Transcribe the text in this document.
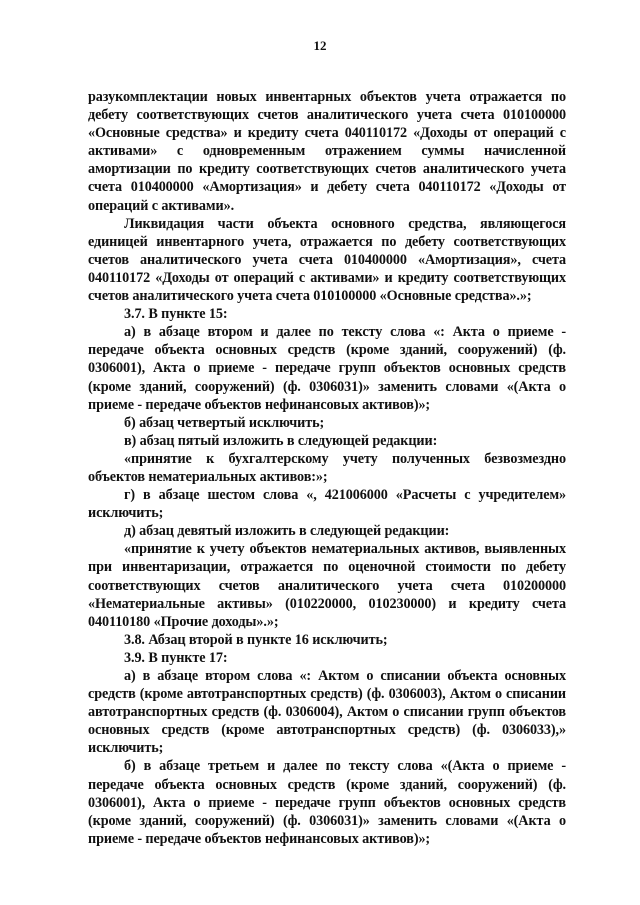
12

разукомплектации новых инвентарных объектов учета отражается по дебету соответствующих счетов аналитического учета счета 010100000 «Основные средства» и кредиту счета 040110172 «Доходы от операций с активами» с одновременным отражением суммы начисленной амортизации по кредиту соответствующих счетов аналитического учета счета 010400000 «Амортизация» и дебету счета 040110172 «Доходы от операций с активами».

Ликвидация части объекта основного средства, являющегося единицей инвентарного учета, отражается по дебету соответствующих счетов аналитического учета счета 010400000 «Амортизация», счета 040110172 «Доходы от операций с активами» и кредиту соответствующих счетов аналитического учета счета 010100000 «Основные средства».»;

3.7. В пункте 15:

а) в абзаце втором и далее по тексту слова «: Акта о приеме - передаче объекта основных средств (кроме зданий, сооружений) (ф. 0306001), Акта о приеме - передаче групп объектов основных средств (кроме зданий, сооружений) (ф. 0306031)» заменить словами «(Акта о приеме - передаче объектов нефинансовых активов)»;

б) абзац четвертый исключить;

в) абзац пятый изложить в следующей редакции:

«принятие к бухгалтерскому учету полученных безвозмездно объектов нематериальных активов:»;

г) в абзаце шестом слова «, 421006000 «Расчеты с учредителем» исключить;

д) абзац девятый изложить в следующей редакции:

«принятие к учету объектов нематериальных активов, выявленных при инвентаризации, отражается по оценочной стоимости по дебету соответствующих счетов аналитического учета счета 010200000 «Нематериальные активы» (010220000, 010230000) и кредиту счета 040110180 «Прочие доходы».»;

3.8. Абзац второй в пункте 16 исключить;

3.9. В пункте 17:

а) в абзаце втором слова «: Актом о списании объекта основных средств (кроме автотранспортных средств) (ф. 0306003), Актом о списании автотранспортных средств (ф. 0306004), Актом о списании групп объектов основных средств (кроме автотранспортных средств) (ф. 0306033),» исключить;

б) в абзаце третьем и далее по тексту слова «(Акта о приеме - передаче объекта основных средств (кроме зданий, сооружений) (ф. 0306001), Акта о приеме - передаче групп объектов основных средств (кроме зданий, сооружений) (ф. 0306031)» заменить словами «(Акта о приеме - передаче объектов нефинансовых активов)»;
